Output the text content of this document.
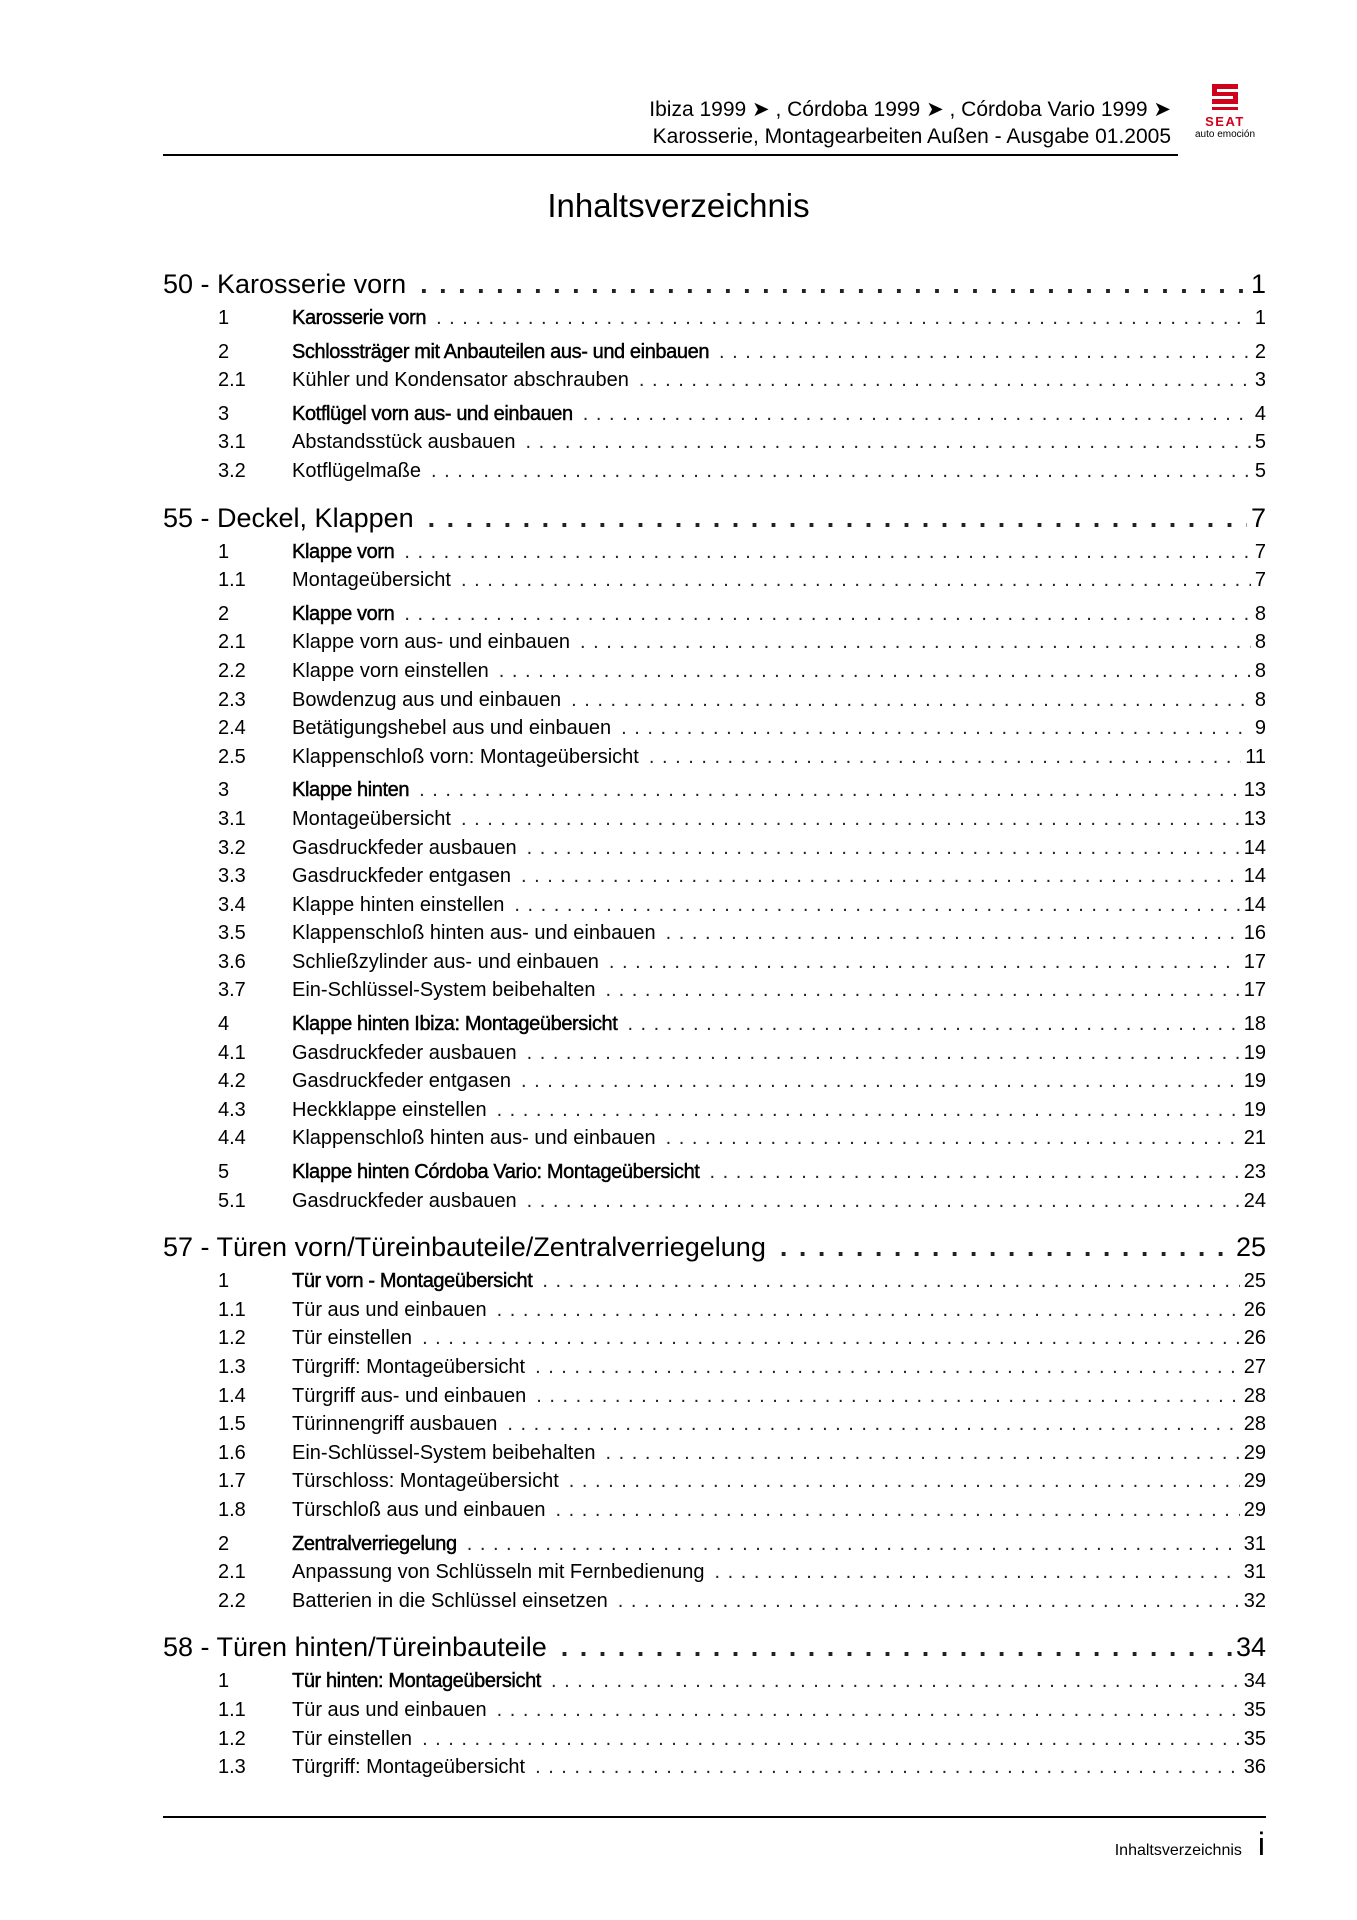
Ibiza 1999 ➤ , Córdoba 1999 ➤ , Córdoba Vario 1999 ➤
Karosserie, Montagearbeiten Außen - Ausgabe 01.2005
SEAT
auto emoción
Inhaltsverzeichnis
50 - Karosserie vorn . . .	1
1	Karosserie vorn . . .	1
2	Schlossträger mit Anbauteilen aus- und einbauen . . .	2
2.1	Kühler und Kondensator abschrauben . . .	3
3	Kotflügel vorn aus- und einbauen . . .	4
3.1	Abstandsstück ausbauen . . .	5
3.2	Kotflügelmaße . . .	5
55 - Deckel, Klappen . . .	7
1	Klappe vorn . . .	7
1.1	Montageübersicht . . .	7
2	Klappe vorn . . .	8
2.1	Klappe vorn aus- und einbauen . . .	8
2.2	Klappe vorn einstellen . . .	8
2.3	Bowdenzug aus und einbauen . . .	8
2.4	Betätigungshebel aus und einbauen . . .	9
2.5	Klappenschloß vorn: Montageübersicht . . .	11
3	Klappe hinten . . .	13
3.1	Montageübersicht . . .	13
3.2	Gasdruckfeder ausbauen . . .	14
3.3	Gasdruckfeder entgasen . . .	14
3.4	Klappe hinten einstellen . . .	14
3.5	Klappenschloß hinten aus- und einbauen . . .	16
3.6	Schließzylinder aus- und einbauen . . .	17
3.7	Ein-Schlüssel-System beibehalten . . .	17
4	Klappe hinten Ibiza: Montageübersicht . . .	18
4.1	Gasdruckfeder ausbauen . . .	19
4.2	Gasdruckfeder entgasen . . .	19
4.3	Heckklappe einstellen . . .	19
4.4	Klappenschloß hinten aus- und einbauen . . .	21
5	Klappe hinten Córdoba Vario: Montageübersicht . . .	23
5.1	Gasdruckfeder ausbauen . . .	24
57 - Türen vorn/Türeinbauteile/Zentralverriegelung . . .	25
1	Tür vorn - Montageübersicht . . .	25
1.1	Tür aus und einbauen . . .	26
1.2	Tür einstellen . . .	26
1.3	Türgriff: Montageübersicht . . .	27
1.4	Türgriff aus- und einbauen . . .	28
1.5	Türinnengriff ausbauen . . .	28
1.6	Ein-Schlüssel-System beibehalten . . .	29
1.7	Türschloss: Montageübersicht . . .	29
1.8	Türschloß aus und einbauen . . .	29
2	Zentralverriegelung . . .	31
2.1	Anpassung von Schlüsseln mit Fernbedienung . . .	31
2.2	Batterien in die Schlüssel einsetzen . . .	32
58 - Türen hinten/Türeinbauteile . . .	34
1	Tür hinten: Montageübersicht . . .	34
1.1	Tür aus und einbauen . . .	35
1.2	Tür einstellen . . .	35
1.3	Türgriff: Montageübersicht . . .	36
Inhaltsverzeichnis i
